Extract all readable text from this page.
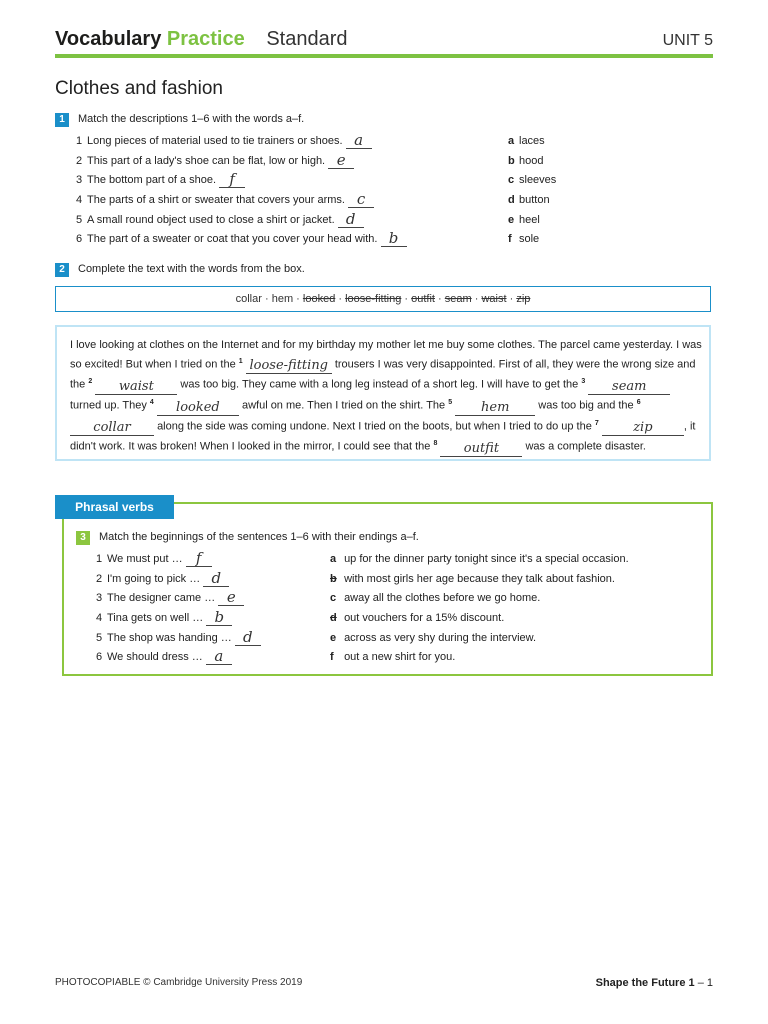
Vocabulary Practice Standard	UNIT 5
Clothes and fashion
1 Match the descriptions 1–6 with the words a–f.
1 Long pieces of material used to tie trainers or shoes. a
2 This part of a lady's shoe can be flat, low or high. e
3 The bottom part of a shoe. f
4 The parts of a shirt or sweater that covers your arms. c
5 A small round object used to close a shirt or jacket. d
6 The part of a sweater or coat that you cover your head with. b
a laces
b hood
c sleeves
d button
e heel
f sole
2 Complete the text with the words from the box.
collar · hem · looked · loose-fitting · outfit · seam · waist · zip
I love looking at clothes on the Internet and for my birthday my mother let me buy some clothes. The parcel came yesterday. I was so excited! But when I tried on the $^1$ loose-fitting trousers I was very disappointed. First of all, they were the wrong size and the $^2$ waist was too big. They came with a long leg instead of a short leg. I will have to get the $^3$ seam turned up. They $^4$ looked awful on me. Then I tried on the shirt. The $^5$ hem	was too big and the $^6$ collar along the side was coming undone. Next I tried on the boots, but when I tried to do up the $^7$	zip	, it didn't work. It was broken! When I looked in the mirror, I could see that the $^8$ outfit was a complete disaster.
Phrasal verbs
3 Match the beginnings of the sentences 1–6 with their endings a–f.
1 We must put … f
2 I'm going to pick … d
3 The designer came … e
4 Tina gets on well … b
5 The shop was handing … d
6 We should dress … a
a up for the dinner party tonight since it's a special occasion.
b with most girls her age because they talk about fashion.
c away all the clothes before we go home.
d out vouchers for a 15% discount.
e across as very shy during the interview.
f out a new shirt for you.
PHOTOCOPIABLE © Cambridge University Press 2019	Shape the Future 1 – 1
